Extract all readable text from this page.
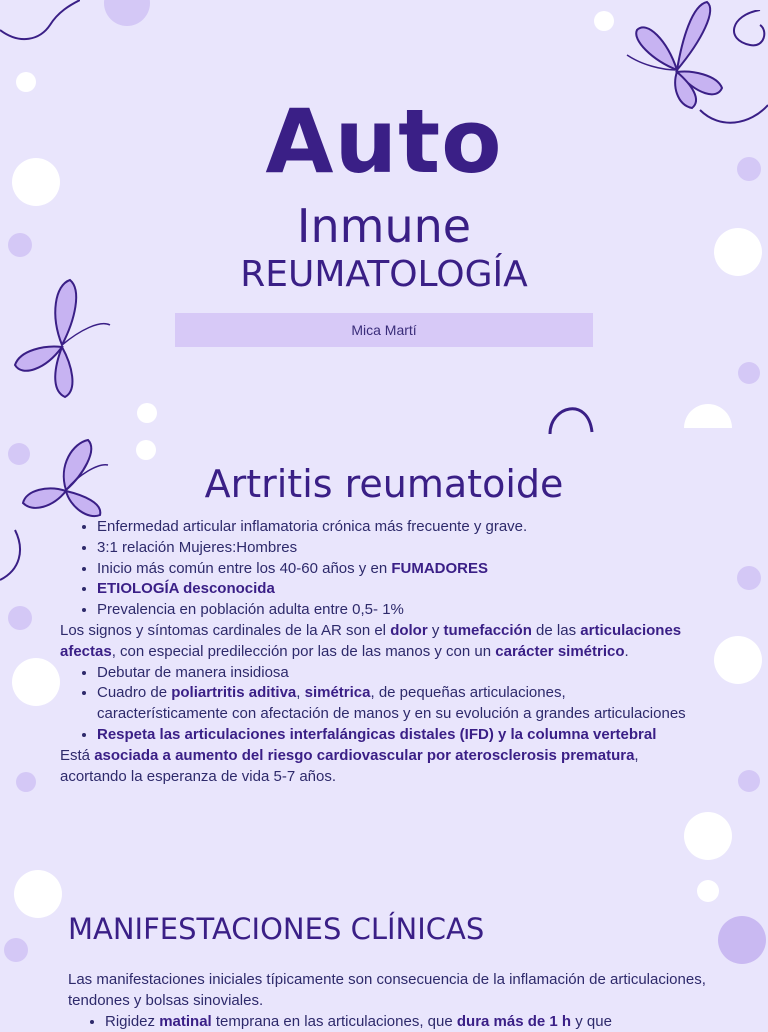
Auto
Inmune
REUMATOLOGÍA
Mica Martí
Artritis reumatoide
• Enfermedad articular inflamatoria crónica más frecuente y grave.
• 3:1 relación Mujeres:Hombres
• Inicio más común entre los 40-60 años y en FUMADORES
• ETIOLOGÍA desconocida
• Prevalencia en población adulta entre 0,5- 1%

Los signos y síntomas cardinales de la AR son el dolor y tumefacción de las articulaciones afectas, con especial predilección por las de las manos y con un carácter simétrico.

• Debutar de manera insidiosa
• Cuadro de poliartritis aditiva, simétrica, de pequeñas articulaciones, característicamente con afectación de manos y en su evolución a grandes articulaciones
• Respeta las articulaciones interfalángicas distales (IFD) y la columna vertebral

Está asociada a aumento del riesgo cardiovascular por aterosclerosis prematura, acortando la esperanza de vida 5-7 años.

MANIFESTACIONES CLÍNICAS

Las manifestaciones iniciales típicamente son consecuencia de la inflamación de articulaciones, tendones y bolsas sinoviales.

• Rigidez matinal temprana en las articulaciones, que dura más de 1 h y que
